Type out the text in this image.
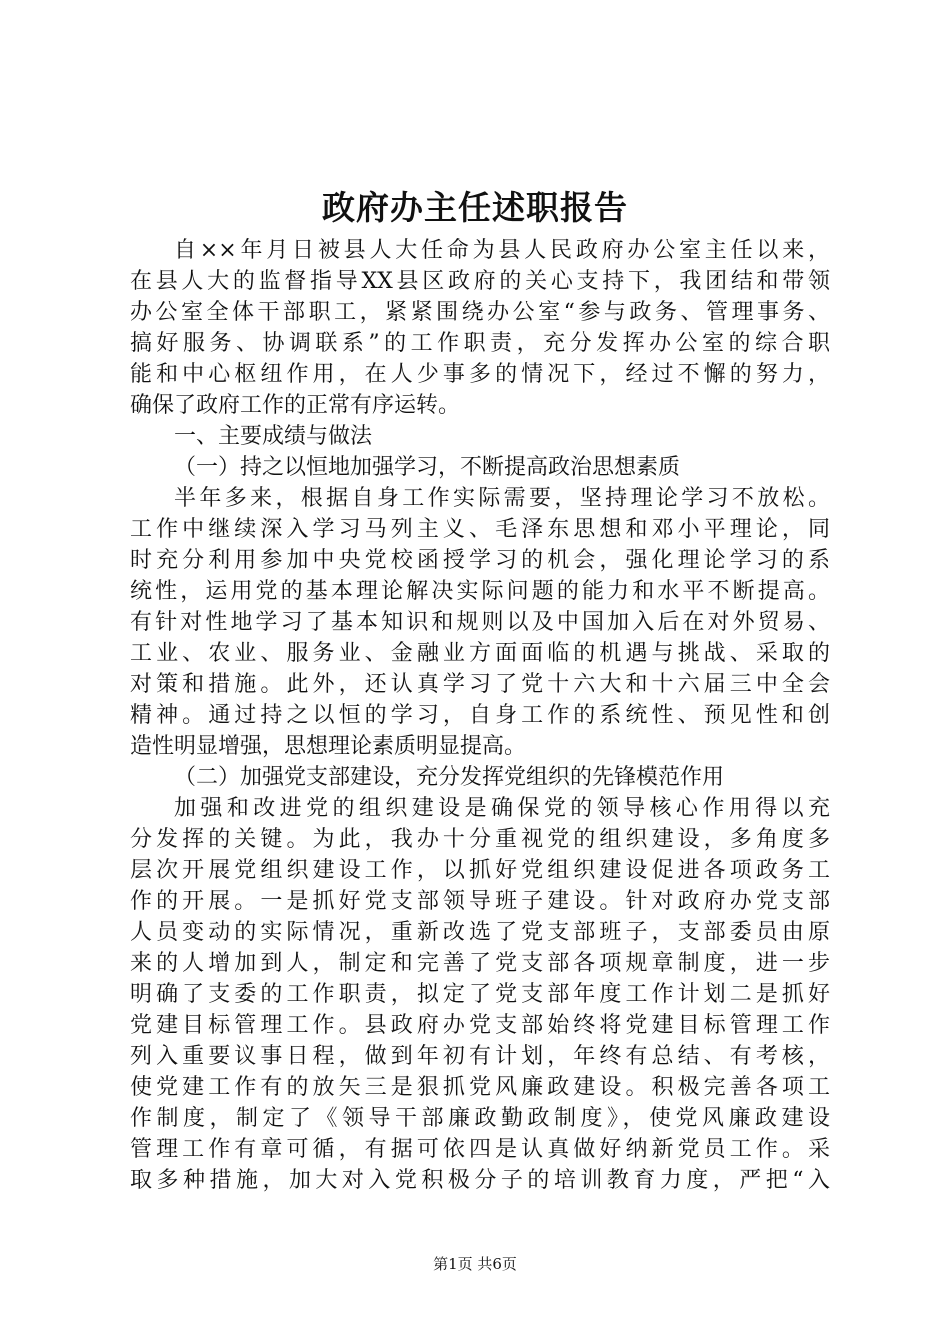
政府办主任述职报告
自××年月日被县人大任命为县人民政府办公室主任以来，
在县人大的监督指导XX县区政府的关心支持下，我团结和带领
办公室全体干部职工，紧紧围绕办公室“参与政务、管理事务、
搞好服务、协调联系”的工作职责，充分发挥办公室的综合职
能和中心枢纽作用，在人少事多的情况下，经过不懈的努力，
确保了政府工作的正常有序运转。
一、主要成绩与做法
（一）持之以恒地加强学习，不断提高政治思想素质
半年多来，根据自身工作实际需要，坚持理论学习不放松。
工作中继续深入学习马列主义、毛泽东思想和邓小平理论，同
时充分利用参加中央党校函授学习的机会，强化理论学习的系
统性，运用党的基本理论解决实际问题的能力和水平不断提高。
有针对性地学习了基本知识和规则以及中国加入后在对外贸易、
工业、农业、服务业、金融业方面面临的机遇与挑战、采取的
对策和措施。此外，还认真学习了党十六大和十六届三中全会
精神。通过持之以恒的学习，自身工作的系统性、预见性和创
造性明显增强，思想理论素质明显提高。
（二）加强党支部建设，充分发挥党组织的先锋模范作用
加强和改进党的组织建设是确保党的领导核心作用得以充
分发挥的关键。为此，我办十分重视党的组织建设，多角度多
层次开展党组织建设工作，以抓好党组织建设促进各项政务工
作的开展。一是抓好党支部领导班子建设。针对政府办党支部
人员变动的实际情况，重新改选了党支部班子，支部委员由原
来的人增加到人，制定和完善了党支部各项规章制度，进一步
明确了支委的工作职责，拟定了党支部年度工作计划二是抓好
党建目标管理工作。县政府办党支部始终将党建目标管理工作
列入重要议事日程，做到年初有计划，年终有总结、有考核，
使党建工作有的放矢三是狠抓党风廉政建设。积极完善各项工
作制度，制定了《领导干部廉政勤政制度》，使党风廉政建设
管理工作有章可循，有据可依四是认真做好纳新党员工作。采
取多种措施，加大对入党积极分子的培训教育力度，严把“入
第1页 共6页
